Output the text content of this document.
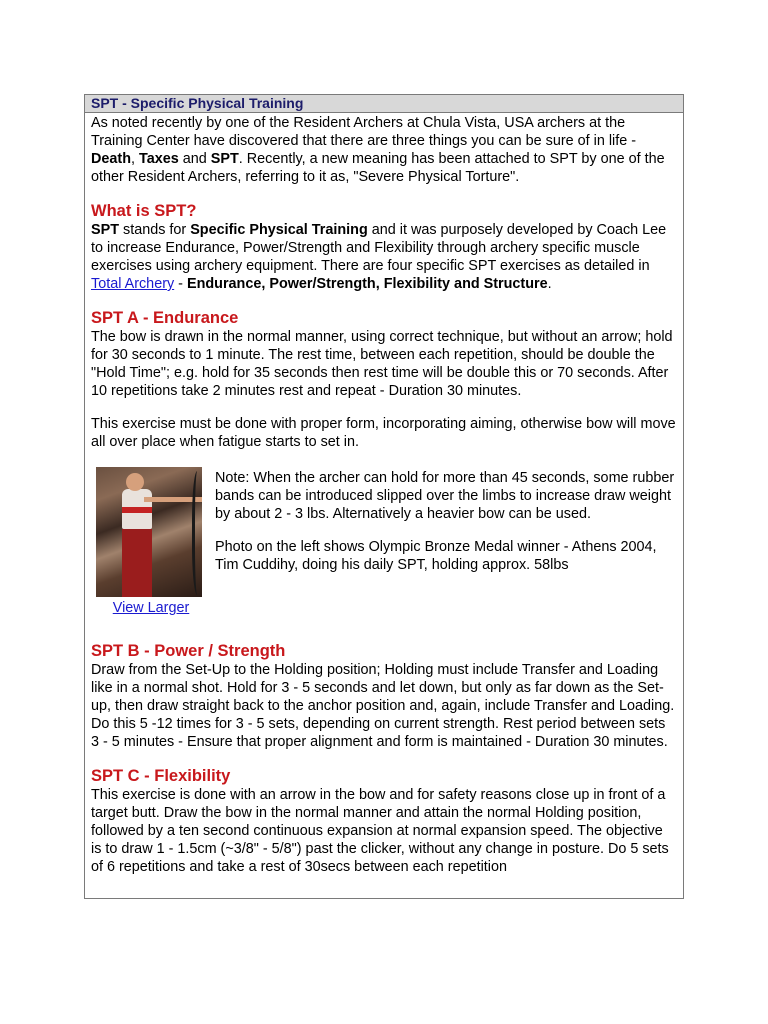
SPT - Specific Physical Training

As noted recently by one of the Resident Archers at Chula Vista, USA archers at the Training Center have discovered that there are three things you can be sure of in life - Death, Taxes and SPT. Recently, a new meaning has been attached to SPT by one of the other Resident Archers, referring to it as, "Severe Physical Torture".

What is SPT?

SPT stands for Specific Physical Training and it was purposely developed by Coach Lee to increase Endurance, Power/Strength and Flexibility through archery specific muscle exercises using archery equipment. There are four specific SPT exercises as detailed in Total Archery - Endurance, Power/Strength, Flexibility and Structure.

SPT A - Endurance

The bow is drawn in the normal manner, using correct technique, but without an arrow; hold for 30 seconds to 1 minute. The rest time, between each repetition, should be double the "Hold Time"; e.g. hold for 35 seconds then rest time will be double this or 70 seconds. After 10 repetitions take 2 minutes rest and repeat - Duration 30 minutes.

This exercise must be done with proper form, incorporating aiming, otherwise bow will move all over place when fatigue starts to set in.

View Larger

Note: When the archer can hold for more than 45 seconds, some rubber bands can be introduced slipped over the limbs to increase draw weight by about 2 - 3 lbs. Alternatively a heavier bow can be used.

Photo on the left shows Olympic Bronze Medal winner - Athens 2004, Tim Cuddihy, doing his daily SPT, holding approx. 58lbs

SPT B - Power / Strength

Draw from the Set-Up to the Holding position; Holding must include Transfer and Loading like in a normal shot. Hold for 3 - 5 seconds and let down, but only as far down as the Set-up, then draw straight back to the anchor position and, again, include Transfer and Loading. Do this 5 -12 times for 3 - 5 sets, depending on current strength. Rest period between sets 3 - 5 minutes - Ensure that proper alignment and form is maintained - Duration 30 minutes.

SPT C - Flexibility

This exercise is done with an arrow in the bow and for safety reasons close up in front of a target butt. Draw the bow in the normal manner and attain the normal Holding position, followed by a ten second continuous expansion at normal expansion speed. The objective is to draw 1 - 1.5cm (~3/8" - 5/8") past the clicker, without any change in posture. Do 5 sets of 6 repetitions and take a rest of 30secs between each repetition
